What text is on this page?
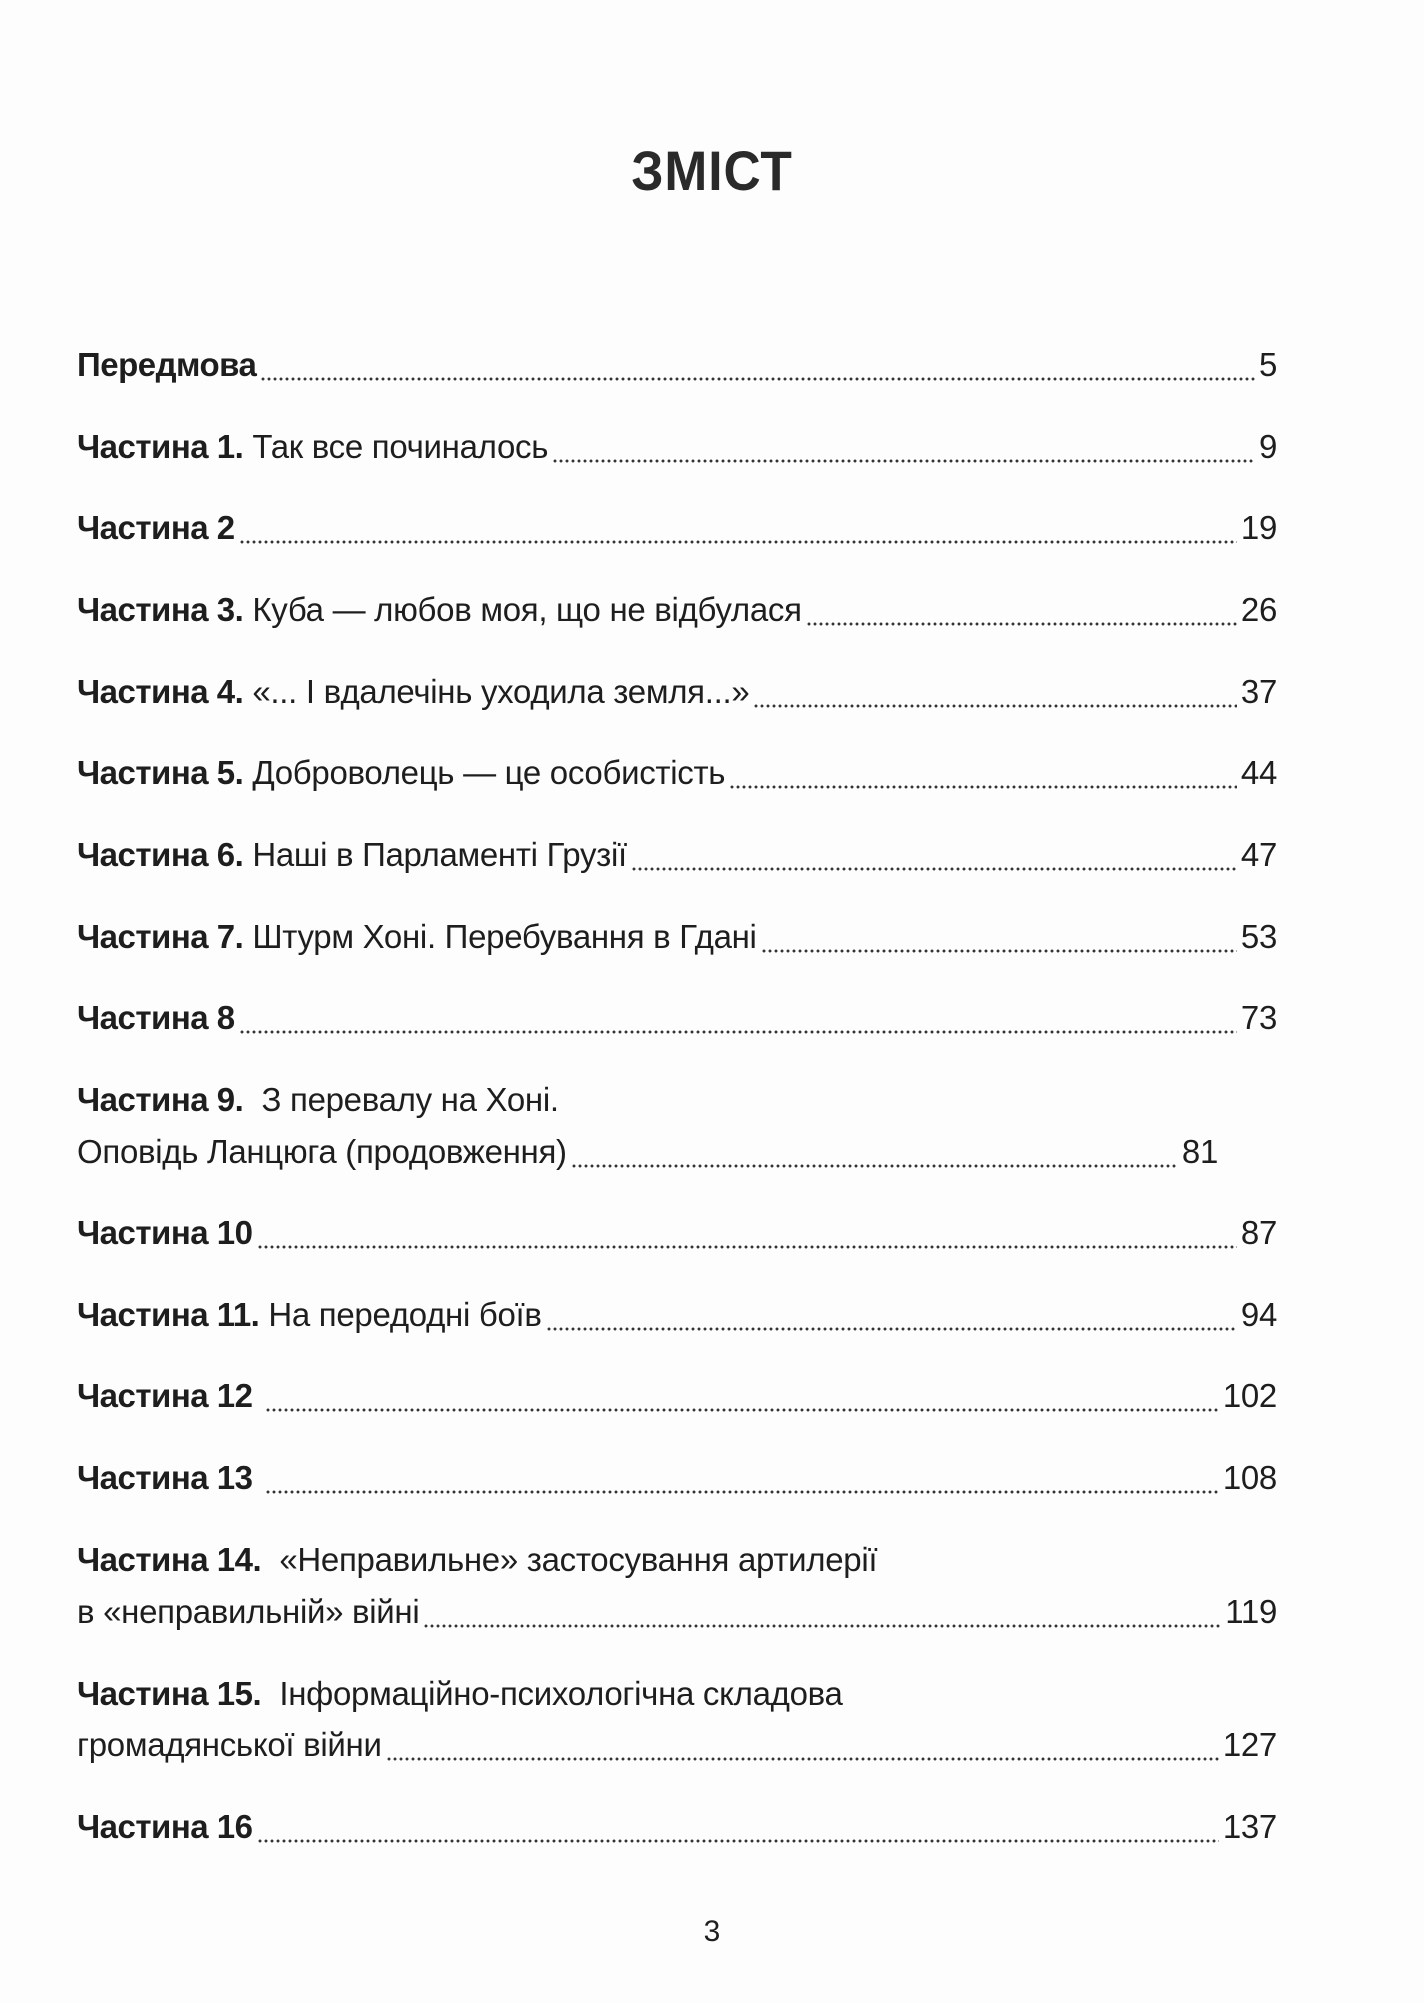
ЗМІСТ
Передмова	5
Частина 1. Так все починалось	9
Частина 2	19
Частина 3. Куба — любов моя, що не відбулася	26
Частина 4. «... І вдалечінь уходила земля...»	37
Частина 5. Доброволець — це особистість	44
Частина 6. Наші в Парламенті Грузії	47
Частина 7. Штурм Хоні. Перебування в Гдані	53
Частина 8	73
Частина 9. З перевалу на Хоні.
Оповідь Ланцюга (продовження)	81
Частина 10	87
Частина 11. На передодні боїв	94
Частина 12	102
Частина 13	108
Частина 14. «Неправильне» застосування артилерії
в «неправильній» війні	119
Частина 15. Інформаційно-психологічна складова
громадянської війни	127
Частина 16	137
3
